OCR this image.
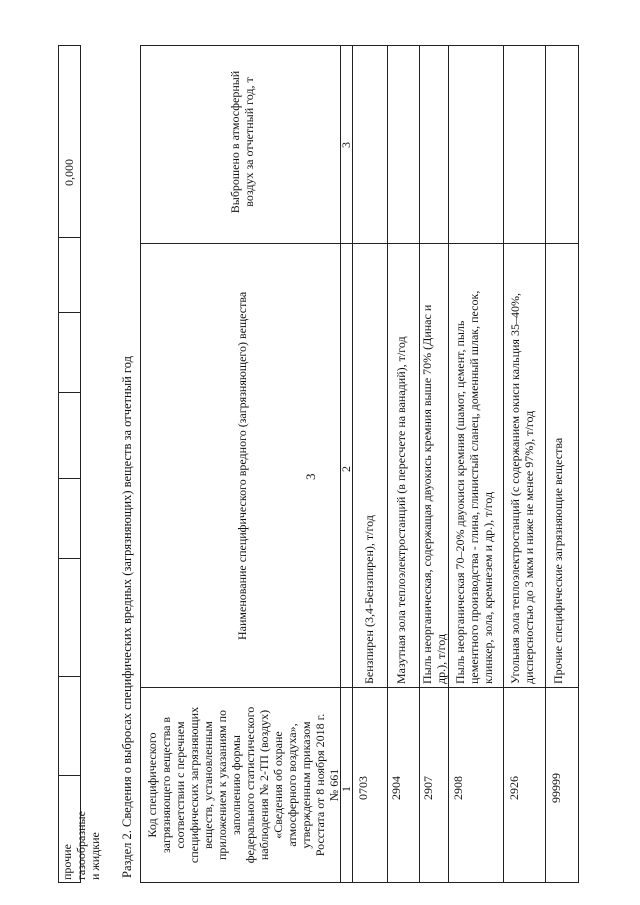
прочие газообразные и жидкие
0,000
3
Раздел 2. Сведения о выбросах специфических вредных (загрязняющих) веществ за отчетный год Код специфического загрязняющего вещества в соответствии с перечнем специфических загрязняющих веществ, установленным приложением к указаниям по заполнению формы федерального статистического наблюдения № 2-ТП (воздух) «Сведения об охране атмосферного воздуха», утвержденным приказом Росстата от 8 ноября 2018 г. № 661
Наименование специфического вредного (загрязняющего) вещества
Выброшено в атмосферный воздух за отчетный год, т
1
2
3
0703 2904 2907 2908	2926 99999
Бензпирен (3,4-Бензпирен), т/год Мазутная зола теплоэлектростанций (в пересчете на ванадий), т/год Пыль неорганическая, содержащая двуокись кремния выше 70% (Динас и др.), т/год Пыль неорганическая 70–20% двуокиси кремния (шамот, цемент, пыль цементного производства - глина, глинистый сланец, доменный шлак, песок, клинкер, зола, кремнезем и др.), т/год Угольная зола теплоэлектростанций (с содержанием окиси кальция 35–40%, дисперсностью до 3 мкм и ниже не менее 97%), т/год Прочие специфические загрязняющие вещества
